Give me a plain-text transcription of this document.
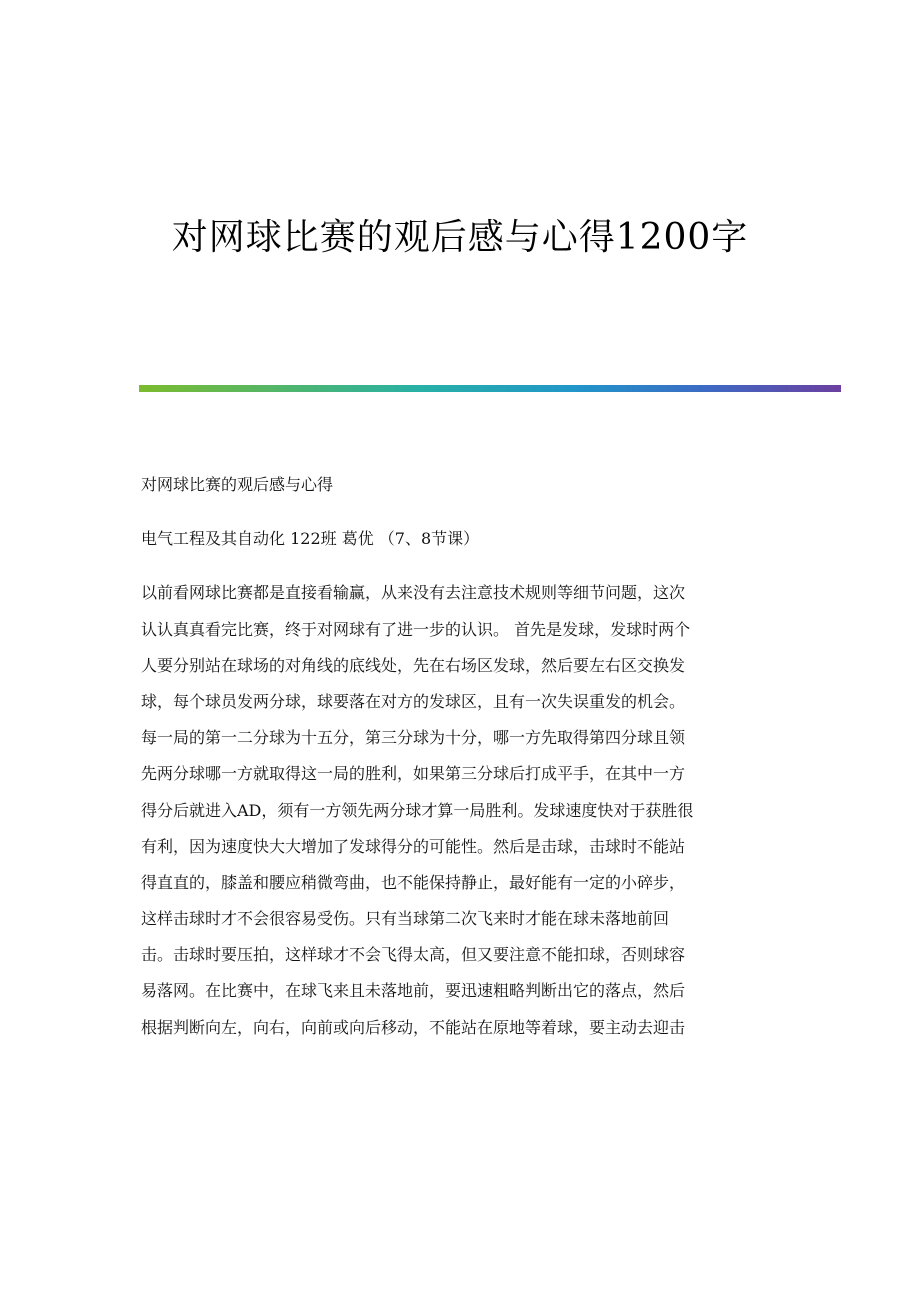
对网球比赛的观后感与心得1200字
对网球比赛的观后感与心得
电气工程及其自动化 122班 葛优 （7、8节课）
以前看网球比赛都是直接看输赢，从来没有去注意技术规则等细节问题，这次
认认真真看完比赛，终于对网球有了进一步的认识。 首先是发球，发球时两个
人要分别站在球场的对角线的底线处，先在右场区发球，然后要左右区交换发
球，每个球员发两分球，球要落在对方的发球区，且有一次失误重发的机会。
每一局的第一二分球为十五分，第三分球为十分，哪一方先取得第四分球且领
先两分球哪一方就取得这一局的胜利，如果第三分球后打成平手，在其中一方
得分后就进入AD，须有一方领先两分球才算一局胜利。发球速度快对于获胜很
有利，因为速度快大大增加了发球得分的可能性。然后是击球，击球时不能站
得直直的，膝盖和腰应稍微弯曲，也不能保持静止，最好能有一定的小碎步，
这样击球时才不会很容易受伤。只有当球第二次飞来时才能在球未落地前回
击。击球时要压拍，这样球才不会飞得太高，但又要注意不能扣球，否则球容
易落网。在比赛中，在球飞来且未落地前，要迅速粗略判断出它的落点，然后
根据判断向左，向右，向前或向后移动，不能站在原地等着球，要主动去迎击
